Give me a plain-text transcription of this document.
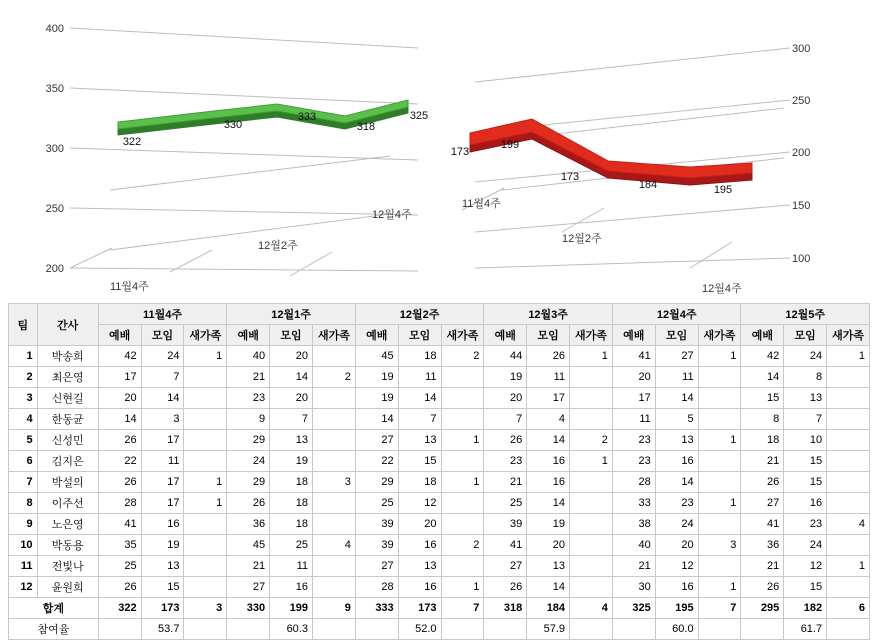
400
350
300
250
200
322
330
333
318
325
11월4주
12월2주
12월4주
300
250
200
150
100
173
199
173
184	195
11월4주
12월2주
12월4주
팀	간사	11월4주			12월1주			12월2주			12월3주			12월4주			12월5주		
		예배	모임	새가족	예배	모임	새가족	예배	모임	새가족	예배	모임	새가족	예배	모임	새가족	예배	모임	새가족
1	박송희	42	24	1	40	20		45	18	2	44	26	1	41	27	1	42	24	1
2	최은영	17	7		21	14	2	19	11		19	11		20	11		14	8	
3	신현길	20	14		23	20		19	14		20	17		17	14		15	13	
4	한동균	14	3		9	7		14	7		7	4		11	5		8	7	
5	신성민	26	17		29	13		27	13	1	26	14	2	23	13	1	18	10	
6	김지은	22	11		24	19		22	15		23	16	1	23	16		21	15	
7	박설의	26	17	1	29	18	3	29	18	1	21	16		28	14		26	15	
8	이주선	28	17	1	26	18		25	12		25	14		33	23	1	27	16	
9	노은영	41	16		36	18		39	20		39	19		38	24		41	23	4
10	박동용	35	19		45	25	4	39	16	2	41	20		40	20	3	36	24	
11	전빛나	25	13		21	11		27	13		27	13		21	12		21	12	1
12	윤원희	26	15		27	16		28	16	1	26	14		30	16	1	26	15	
합계		322	173	3	330	199	9	333	173	7	318	184	4	325	195	7	295	182	6
참여율			53.7			60.3			52.0			57.9			60.0			61.7	
